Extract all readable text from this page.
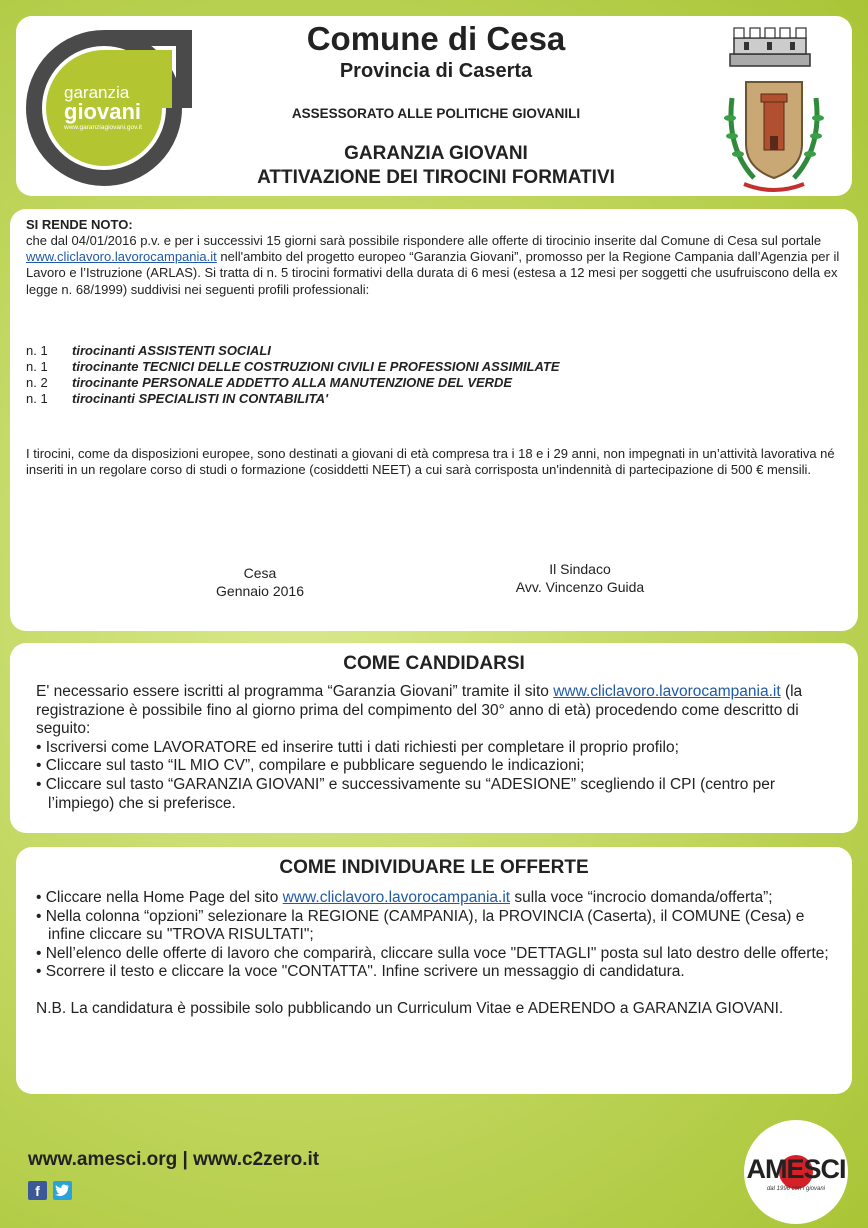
garanzia
giovani
www.garanziagiovani.gov.it
Comune di Cesa
Provincia di Caserta
ASSESSORATO ALLE POLITICHE GIOVANILI
GARANZIA GIOVANI
ATTIVAZIONE DEI TIROCINI FORMATIVI
SI RENDE NOTO:
che dal 04/01/2016 p.v. e per i successivi 15 giorni sarà possibile rispondere alle offerte di tirocinio inserite dal Comune di Cesa sul portale www.cliclavoro.lavorocampania.it nell'ambito del progetto europeo “Garanzia Giovani”, promosso per la Regione Campania dall’Agenzia per il Lavoro e l’Istruzione (ARLAS). Si tratta di n. 5 tirocini formativi della durata di 6 mesi (estesa a 12 mesi per soggetti che usufruiscono della ex legge n. 68/1999) suddivisi nei seguenti profili professionali:
n. 1 tirocinanti ASSISTENTI SOCIALI
n. 1 tirocinante TECNICI DELLE COSTRUZIONI CIVILI E PROFESSIONI ASSIMILATE
n. 2 tirocinante PERSONALE ADDETTO ALLA MANUTENZIONE DEL VERDE
n. 1 tirocinanti SPECIALISTI IN CONTABILITA'
I tirocini, come da disposizioni europee, sono destinati a giovani di età compresa tra i 18 e i 29 anni, non impegnati in un’attività lavorativa né inseriti in un regolare corso di studi o formazione (cosiddetti NEET) a cui sarà corrisposta un'indennità di partecipazione di 500 € mensili.
Cesa
Gennaio 2016
Il Sindaco
Avv. Vincenzo Guida
COME CANDIDARSI
E' necessario essere iscritti al programma “Garanzia Giovani” tramite il sito www.cliclavoro.lavorocampania.it (la registrazione è possibile fino al giorno prima del compimento del 30° anno di età) procedendo come descritto di seguito:
• Iscriversi come LAVORATORE ed inserire tutti i dati richiesti per completare il proprio profilo;
• Cliccare sul tasto “IL MIO CV”, compilare e pubblicare seguendo le indicazioni;
• Cliccare sul tasto “GARANZIA GIOVANI” e successivamente su “ADESIONE” scegliendo il CPI (centro per l’impiego) che si preferisce.
COME INDIVIDUARE LE OFFERTE
• Cliccare nella Home Page del sito www.cliclavoro.lavorocampania.it sulla voce “incrocio domanda/offerta”;
• Nella colonna “opzioni” selezionare la REGIONE (CAMPANIA), la PROVINCIA (Caserta), il COMUNE (Cesa) e infine cliccare su "TROVA RISULTATI";
• Nell’elenco delle offerte di lavoro che comparirà, cliccare sulla voce "DETTAGLI" posta sul lato destro delle offerte;
• Scorrere il testo e cliccare la voce "CONTATTA". Infine scrivere un messaggio di candidatura.
N.B. La candidatura è possibile solo pubblicando un Curriculum Vitae e ADERENDO a GARANZIA GIOVANI.
www.amesci.org | www.c2zero.it
f
AMESCI
dal 1996 con i giovani
